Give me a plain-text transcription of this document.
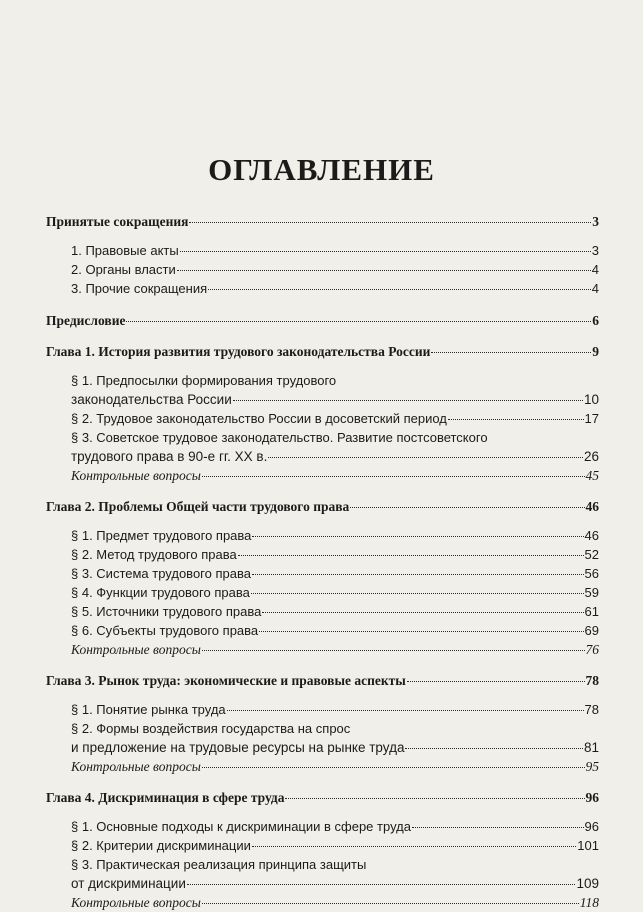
ОГЛАВЛЕНИЕ
Принятые сокращения	3
1. Правовые акты	3
2. Органы власти	4
3. Прочие сокращения	4
Предисловие	6
Глава 1. История развития трудового законодательства России	9
§ 1. Предпосылки формирования трудового
законодательства России	10
§ 2. Трудовое законодательство России в досоветский период	17
§ 3. Советское трудовое законодательство. Развитие постсоветского
трудового права в 90-е гг. XX в.	26
Контрольные вопросы	45
Глава 2. Проблемы Общей части трудового права	46
§ 1. Предмет трудового права	46
§ 2. Метод трудового права	52
§ 3. Система трудового права	56
§ 4. Функции трудового права	59
§ 5. Источники трудового права	61
§ 6. Субъекты трудового права	69
Контрольные вопросы	76
Глава 3. Рынок труда: экономические и правовые аспекты	78
§ 1. Понятие рынка труда	78
§ 2. Формы воздействия государства на спрос
и предложение на трудовые ресурсы на рынке труда	81
Контрольные вопросы	95
Глава 4. Дискриминация в сфере труда	96
§ 1. Основные подходы к дискриминации в сфере труда	96
§ 2. Критерии дискриминации	101
§ 3. Практическая реализация принципа защиты
от дискриминации	109
Контрольные вопросы	118
